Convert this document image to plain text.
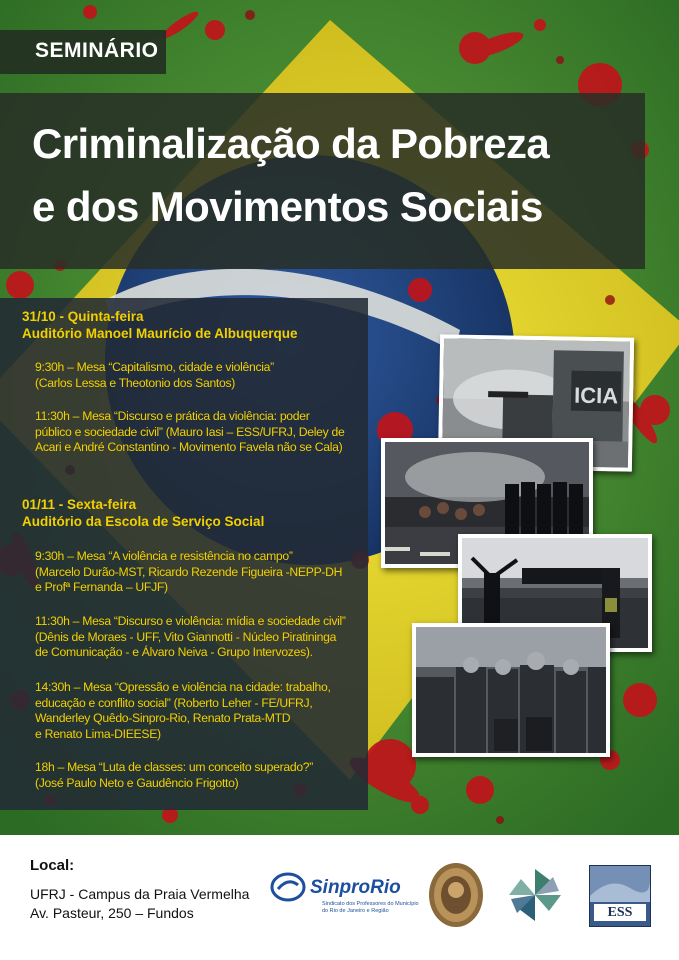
SEMINÁRIO
Criminalização da Pobreza
e dos Movimentos Sociais
31/10 - Quinta-feira
Auditório Manoel Maurício de Albuquerque
9:30h – Mesa “Capitalismo, cidade e violência”
(Carlos Lessa e Theotonio dos Santos)
11:30h – Mesa “Discurso e prática da violência: poder
público e sociedade civil” (Mauro Iasi – ESS/UFRJ, Deley de
Acari e André Constantino - Movimento Favela não se Cala)
01/11 - Sexta-feira
Auditório da Escola de Serviço Social
9:30h – Mesa “A violência e resistência no campo”
(Marcelo Durão-MST, Ricardo Rezende Figueira -NEPP-DH
e Profª Fernanda – UFJF)
11:30h – Mesa “Discurso e violência: mídia e sociedade civil”
(Dênis de Moraes - UFF, Vito Giannotti - Núcleo Piratininga
de Comunicação - e Álvaro Neiva - Grupo Intervozes).
14:30h – Mesa “Opressão e violência na cidade: trabalho,
educação e conflito social” (Roberto Leher - FE/UFRJ,
Wanderley Quêdo-Sinpro-Rio, Renato Prata-MTD
e Renato Lima-DIEESE)
18h – Mesa “Luta de classes: um conceito superado?”
(José Paulo Neto e Gaudêncio Frigotto)
ICIA
Local:
UFRJ - Campus da Praia Vermelha
Av. Pasteur, 250 – Fundos
SinproRio
Sindicato dos Professores do Município
do Rio de Janeiro e Região	ESS
